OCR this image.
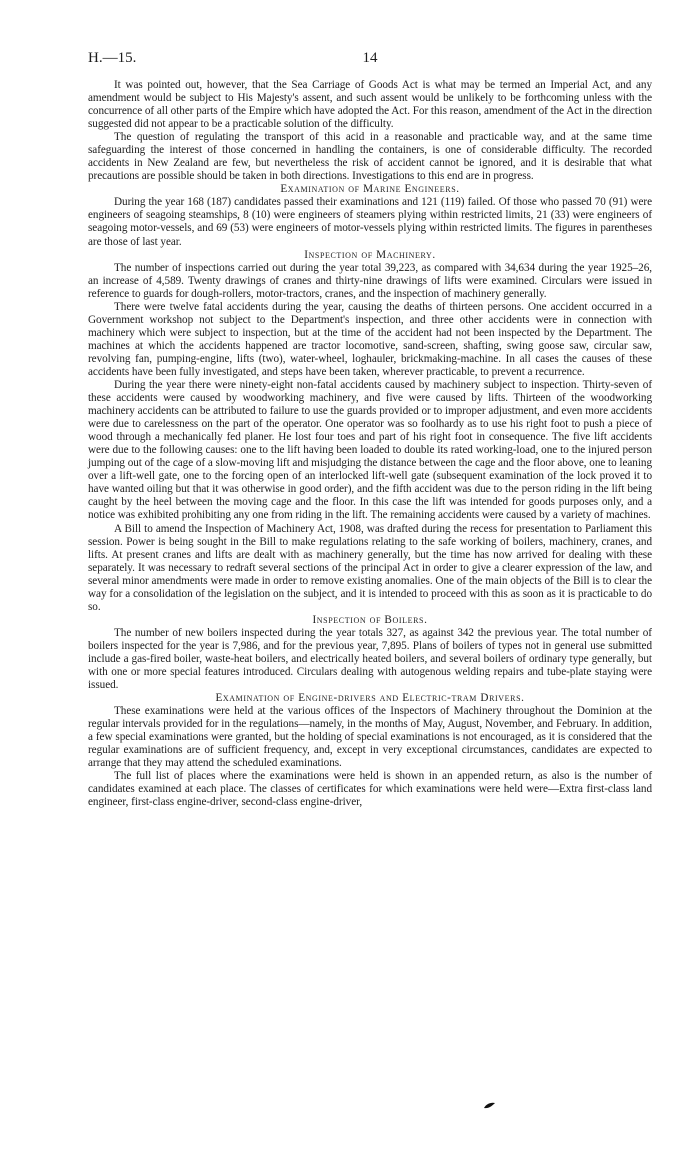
H.—15.	14

It was pointed out, however, that the Sea Carriage of Goods Act is what may be termed an Imperial Act, and any amendment would be subject to His Majesty's assent, and such assent would be unlikely to be forthcoming unless with the concurrence of all other parts of the Empire which have adopted the Act. For this reason, amendment of the Act in the direction suggested did not appear to be a practicable solution of the difficulty.

The question of regulating the transport of this acid in a reasonable and practicable way, and at the same time safeguarding the interest of those concerned in handling the containers, is one of considerable difficulty. The recorded accidents in New Zealand are few, but nevertheless the risk of accident cannot be ignored, and it is desirable that what precautions are possible should be taken in both directions. Investigations to this end are in progress.

Examination of Marine Engineers.

During the year 168 (187) candidates passed their examinations and 121 (119) failed. Of those who passed 70 (91) were engineers of seagoing steamships, 8 (10) were engineers of steamers plying within restricted limits, 21 (33) were engineers of seagoing motor-vessels, and 69 (53) were engineers of motor-vessels plying within restricted limits. The figures in parentheses are those of last year.

Inspection of Machinery.

The number of inspections carried out during the year total 39,223, as compared with 34,634 during the year 1925–26, an increase of 4,589. Twenty drawings of cranes and thirty-nine drawings of lifts were examined. Circulars were issued in reference to guards for dough-rollers, motor-tractors, cranes, and the inspection of machinery generally.

There were twelve fatal accidents during the year, causing the deaths of thirteen persons. One accident occurred in a Government workshop not subject to the Department's inspection, and three other accidents were in connection with machinery which were subject to inspection, but at the time of the accident had not been inspected by the Department. The machines at which the accidents happened are tractor locomotive, sand-screen, shafting, swing goose saw, circular saw, revolving fan, pumping-engine, lifts (two), water-wheel, loghauler, brickmaking-machine. In all cases the causes of these accidents have been fully investigated, and steps have been taken, wherever practicable, to prevent a recurrence.

During the year there were ninety-eight non-fatal accidents caused by machinery subject to inspection. Thirty-seven of these accidents were caused by woodworking machinery, and five were caused by lifts. Thirteen of the woodworking machinery accidents can be attributed to failure to use the guards provided or to improper adjustment, and even more accidents were due to carelessness on the part of the operator. One operator was so foolhardy as to use his right foot to push a piece of wood through a mechanically fed planer. He lost four toes and part of his right foot in consequence. The five lift accidents were due to the following causes: one to the lift having been loaded to double its rated working-load, one to the injured person jumping out of the cage of a slow-moving lift and misjudging the distance between the cage and the floor above, one to leaning over a lift-well gate, one to the forcing open of an interlocked lift-well gate (subsequent examination of the lock proved it to have wanted oiling but that it was otherwise in good order), and the fifth accident was due to the person riding in the lift being caught by the heel between the moving cage and the floor. In this case the lift was intended for goods purposes only, and a notice was exhibited prohibiting any one from riding in the lift. The remaining accidents were caused by a variety of machines.

A Bill to amend the Inspection of Machinery Act, 1908, was drafted during the recess for presentation to Parliament this session. Power is being sought in the Bill to make regulations relating to the safe working of boilers, machinery, cranes, and lifts. At present cranes and lifts are dealt with as machinery generally, but the time has now arrived for dealing with these separately. It was necessary to redraft several sections of the principal Act in order to give a clearer expression of the law, and several minor amendments were made in order to remove existing anomalies. One of the main objects of the Bill is to clear the way for a consolidation of the legislation on the subject, and it is intended to proceed with this as soon as it is practicable to do so.

Inspection of Boilers.

The number of new boilers inspected during the year totals 327, as against 342 the previous year. The total number of boilers inspected for the year is 7,986, and for the previous year, 7,895. Plans of boilers of types not in general use submitted include a gas-fired boiler, waste-heat boilers, and electrically heated boilers, and several boilers of ordinary type generally, but with one or more special features introduced. Circulars dealing with autogenous welding repairs and tube-plate staying were issued.

Examination of Engine-drivers and Electric-tram Drivers.

These examinations were held at the various offices of the Inspectors of Machinery throughout the Dominion at the regular intervals provided for in the regulations—namely, in the months of May, August, November, and February. In addition, a few special examinations were granted, but the holding of special examinations is not encouraged, as it is considered that the regular examinations are of sufficient frequency, and, except in very exceptional circumstances, candidates are expected to arrange that they may attend the scheduled examinations.

The full list of places where the examinations were held is shown in an appended return, as also is the number of candidates examined at each place. The classes of certificates for which examinations were held were—Extra first-class land engineer, first-class engine-driver, second-class engine-driver,
